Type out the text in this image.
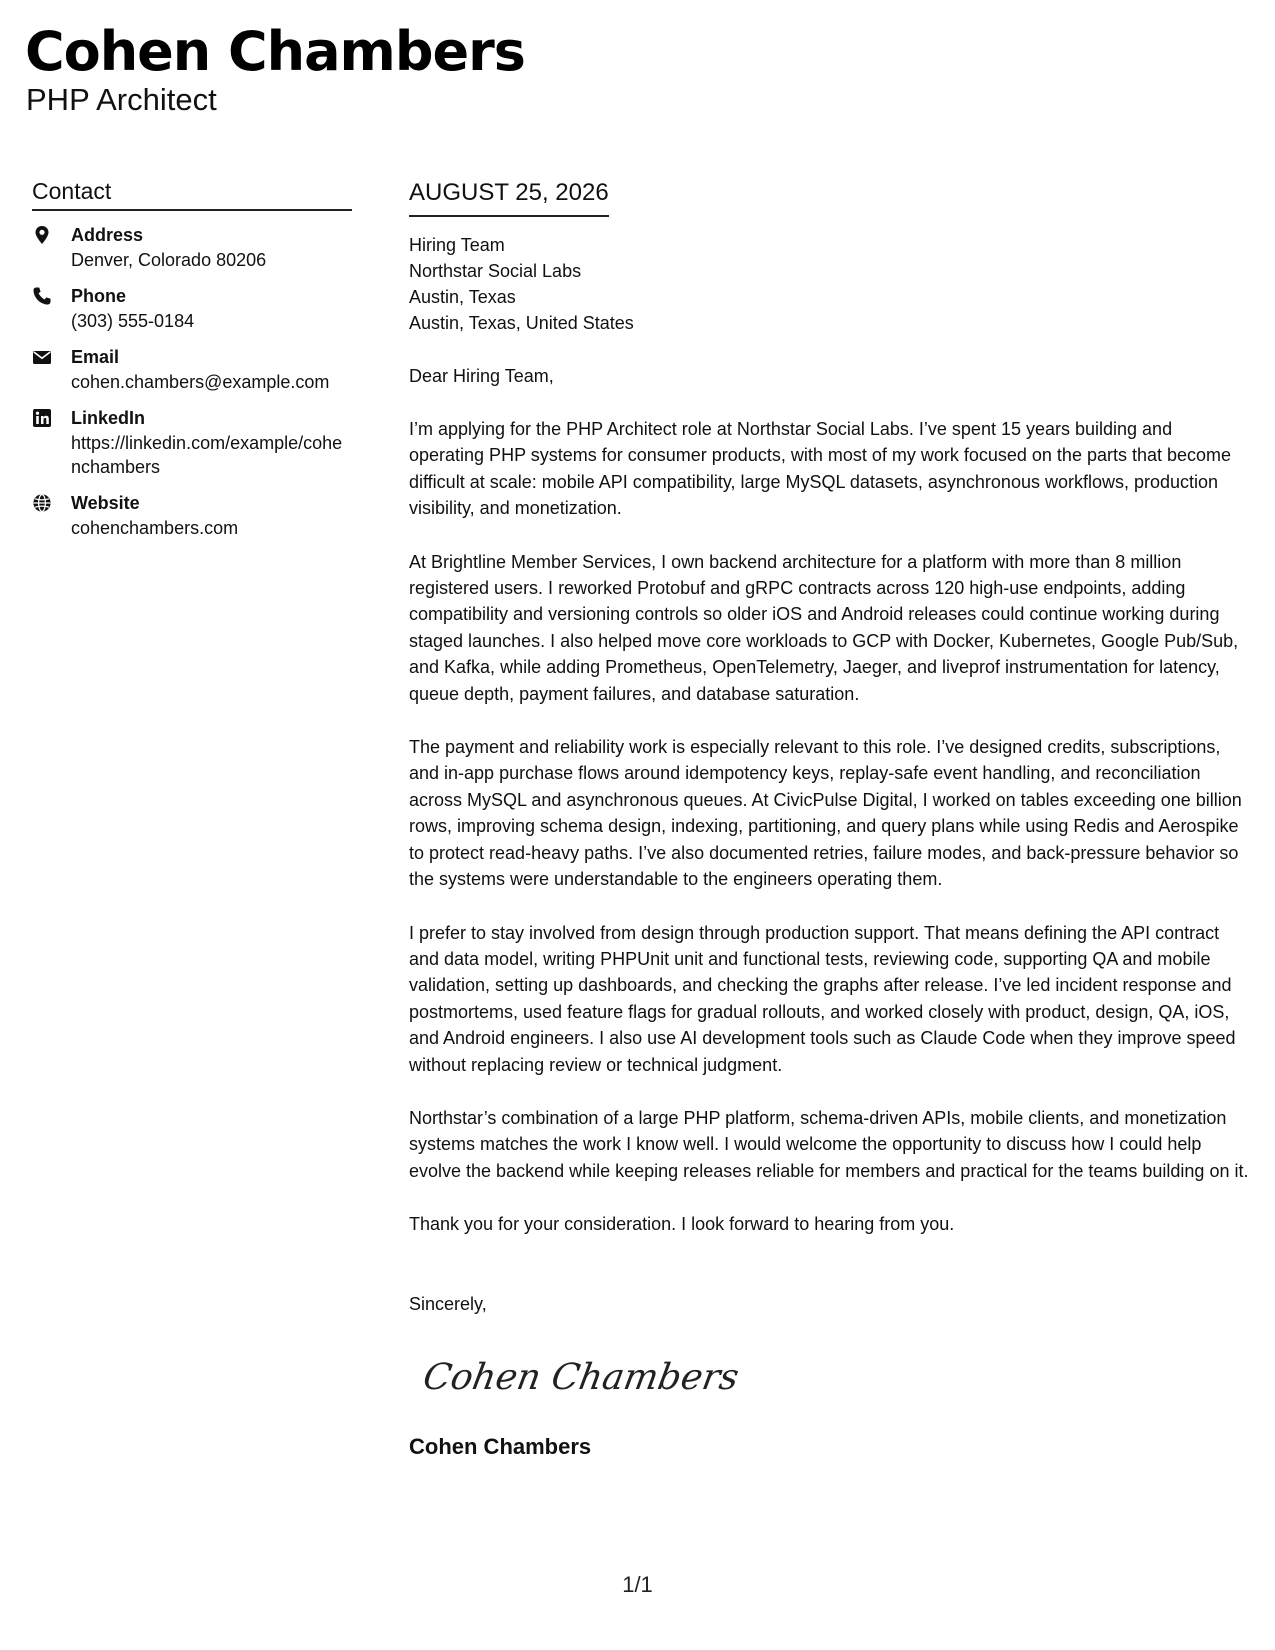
Cohen Chambers
PHP Architect
Contact
Address
Denver, Colorado 80206
Phone
(303) 555-0184
Email
cohen.chambers@example.com
LinkedIn
https://linkedin.com/example/cohenchambers
Website
cohenchambers.com
AUGUST 25, 2026
Hiring Team
Northstar Social Labs
Austin, Texas
Austin, Texas, United States
Dear Hiring Team,
I’m applying for the PHP Architect role at Northstar Social Labs. I’ve spent 15 years building and operating PHP systems for consumer products, with most of my work focused on the parts that become difficult at scale: mobile API compatibility, large MySQL datasets, asynchronous workflows, production visibility, and monetization.
At Brightline Member Services, I own backend architecture for a platform with more than 8 million registered users. I reworked Protobuf and gRPC contracts across 120 high-use endpoints, adding compatibility and versioning controls so older iOS and Android releases could continue working during staged launches. I also helped move core workloads to GCP with Docker, Kubernetes, Google Pub/Sub, and Kafka, while adding Prometheus, OpenTelemetry, Jaeger, and liveprof instrumentation for latency, queue depth, payment failures, and database saturation.
The payment and reliability work is especially relevant to this role. I’ve designed credits, subscriptions, and in-app purchase flows around idempotency keys, replay-safe event handling, and reconciliation across MySQL and asynchronous queues. At CivicPulse Digital, I worked on tables exceeding one billion rows, improving schema design, indexing, partitioning, and query plans while using Redis and Aerospike to protect read-heavy paths. I’ve also documented retries, failure modes, and back-pressure behavior so the systems were understandable to the engineers operating them.
I prefer to stay involved from design through production support. That means defining the API contract and data model, writing PHPUnit unit and functional tests, reviewing code, supporting QA and mobile validation, setting up dashboards, and checking the graphs after release. I’ve led incident response and postmortems, used feature flags for gradual rollouts, and worked closely with product, design, QA, iOS, and Android engineers. I also use AI development tools such as Claude Code when they improve speed without replacing review or technical judgment.
Northstar’s combination of a large PHP platform, schema-driven APIs, mobile clients, and monetization systems matches the work I know well. I would welcome the opportunity to discuss how I could help evolve the backend while keeping releases reliable for members and practical for the teams building on it.
Thank you for your consideration. I look forward to hearing from you.
Sincerely,
Cohen Chambers
Cohen Chambers
1/1
